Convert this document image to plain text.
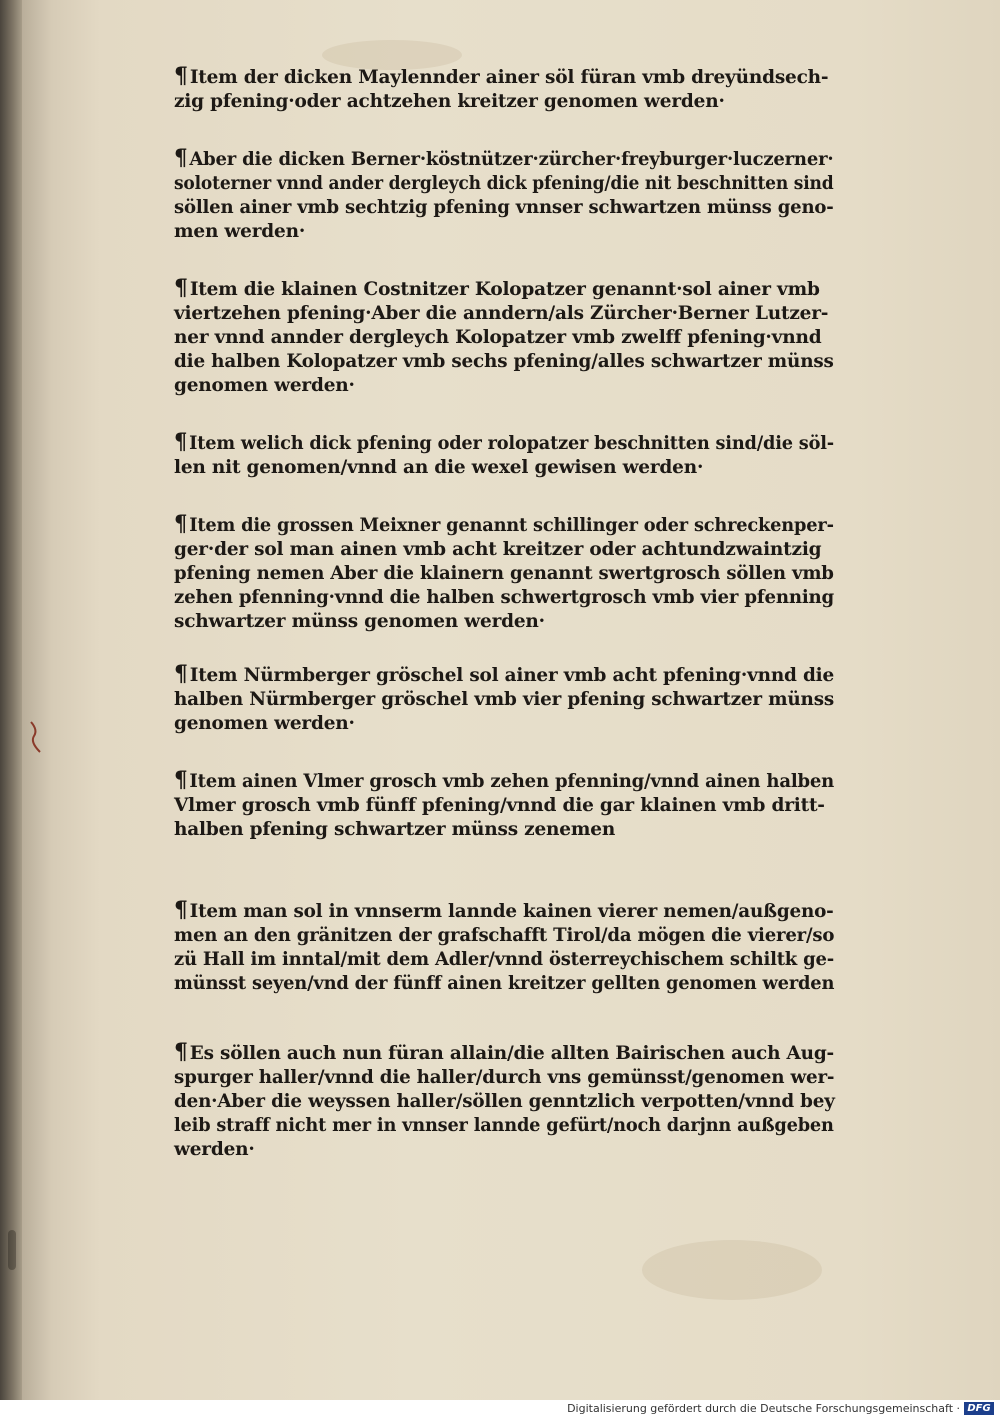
¶ Item der dicken Maylennder ainer söl füran vmb dreyündsech-
zig pfening·oder achtzehen kreitzer genomen werden·
¶ Aber die dicken Berner·köstnützer·zürcher·freyburger·luczerner·
soloterner vnnd ander dergleych dick pfening/die nit beschnitten sind
söllen ainer vmb sechtzig pfening vnnser schwartzen münss geno-
men werden·
¶ Item die klainen Costnitzer Kolopatzer genannt·sol ainer vmb
viertzehen pfening·Aber die anndern/als Zürcher·Berner Lutzer-
ner vnnd annder dergleych Kolopatzer vmb zwelff pfening·vnnd
die halben Kolopatzer vmb sechs pfening/alles schwartzer münss
genomen werden·
¶ Item welich dick pfening oder rolopatzer beschnitten sind/die söl-
len nit genomen/vnnd an die wexel gewisen werden·
¶ Item die grossen Meixner genannt schillinger oder schreckenper-
ger·der sol man ainen vmb acht kreitzer oder achtundzwaintzig
pfening nemen Aber die klainern genannt swertgrosch söllen vmb
zehen pfenning·vnnd die halben schwertgrosch vmb vier pfenning
schwartzer münss genomen werden·
¶ Item Nürmberger gröschel sol ainer vmb acht pfening·vnnd die
halben Nürmberger gröschel vmb vier pfening schwartzer münss
genomen werden·
¶ Item ainen Vlmer grosch vmb zehen pfenning/vnnd ainen halben
Vlmer grosch vmb fünff pfening/vnnd die gar klainen vmb dritt-
halben pfening schwartzer münss zenemen
¶ Item man sol in vnnserm lannde kainen vierer nemen/außgeno-
men an den gränitzen der grafschafft Tirol/da mögen die vierer/so
zü Hall im inntal/mit dem Adler/vnnd österreychischem schiltk ge-
münsst seyen/vnd der fünff ainen kreitzer gellten genomen werden
¶ Es söllen auch nun füran allain/die allten Bairischen auch Aug-
spurger haller/vnnd die haller/durch vns gemünsst/genomen wer-
den·Aber die weyssen haller/söllen genntzlich verpotten/vnnd bey
leib straff nicht mer in vnnser lannde gefürt/noch darjnn außgeben
werden·
Digitalisierung gefördert durch die Deutsche Forschungsgemeinschaft · DFG
